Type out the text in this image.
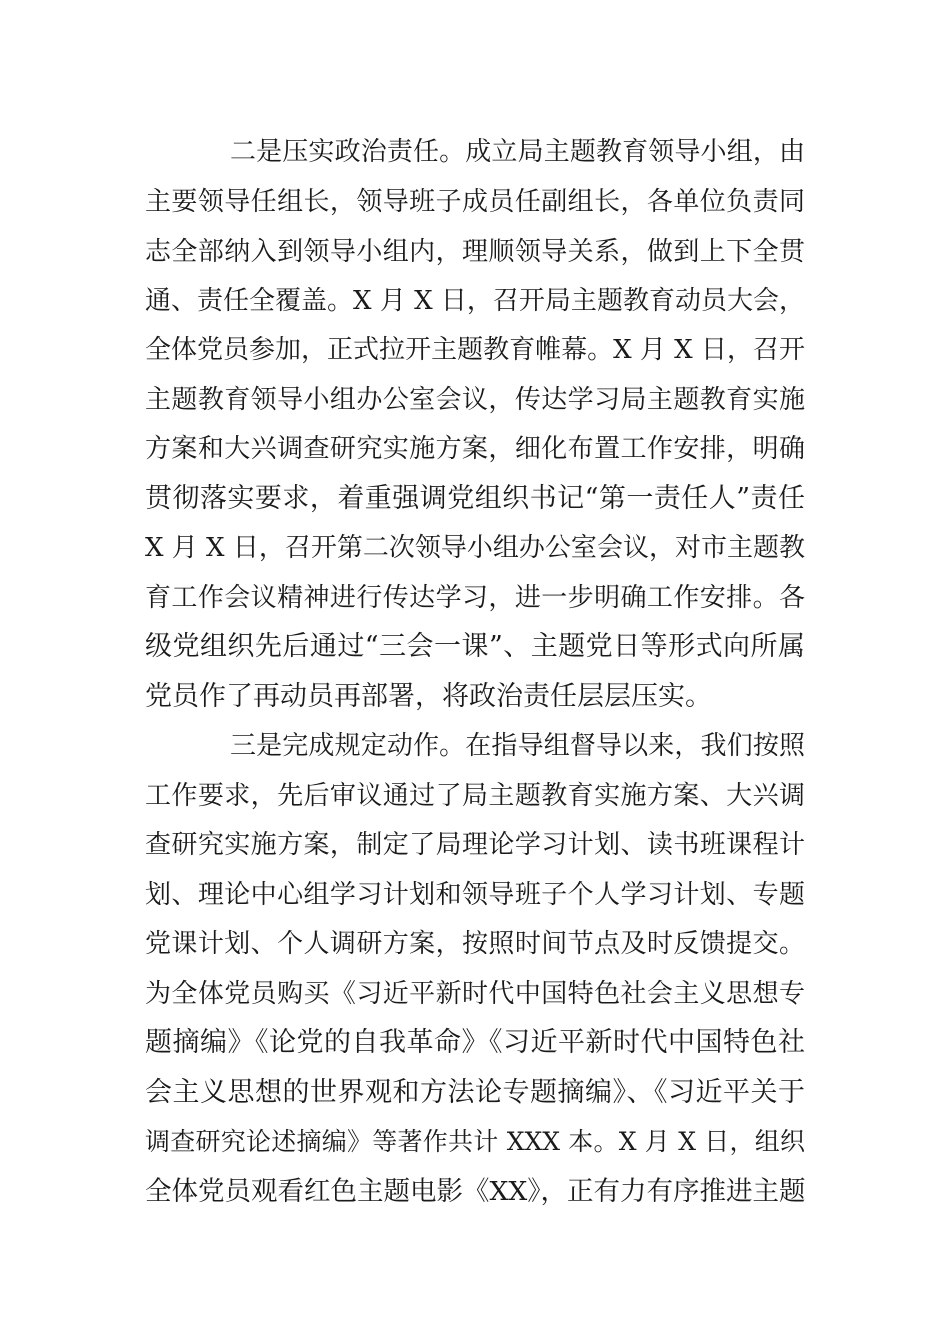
二是压实政治责任。成立局主题教育领导小组，由
主要领导任组长，领导班子成员任副组长，各单位负责同
志全部纳入到领导小组内，理顺领导关系，做到上下全贯
通、责任全覆盖。X 月 X 日，召开局主题教育动员大会，
全体党员参加，正式拉开主题教育帷幕。X 月 X 日，召开
主题教育领导小组办公室会议，传达学习局主题教育实施
方案和大兴调查研究实施方案，细化布置工作安排，明确
贯彻落实要求，着重强调党组织书记“第一责任人”责任
X 月 X 日，召开第二次领导小组办公室会议，对市主题教
育工作会议精神进行传达学习，进一步明确工作安排。各
级党组织先后通过“三会一课”、主题党日等形式向所属
党员作了再动员再部署，将政治责任层层压实。
三是完成规定动作。在指导组督导以来，我们按照
工作要求，先后审议通过了局主题教育实施方案、大兴调
查研究实施方案，制定了局理论学习计划、读书班课程计
划、理论中心组学习计划和领导班子个人学习计划、专题
党课计划、个人调研方案，按照时间节点及时反馈提交。
为全体党员购买《习近平新时代中国特色社会主义思想专
题摘编》《论党的自我革命》《习近平新时代中国特色社
会主义思想的世界观和方法论专题摘编》、《习近平关于
调查研究论述摘编》等著作共计 XXX 本。X 月 X 日，组织
全体党员观看红色主题电影《XX》，正有力有序推进主题
